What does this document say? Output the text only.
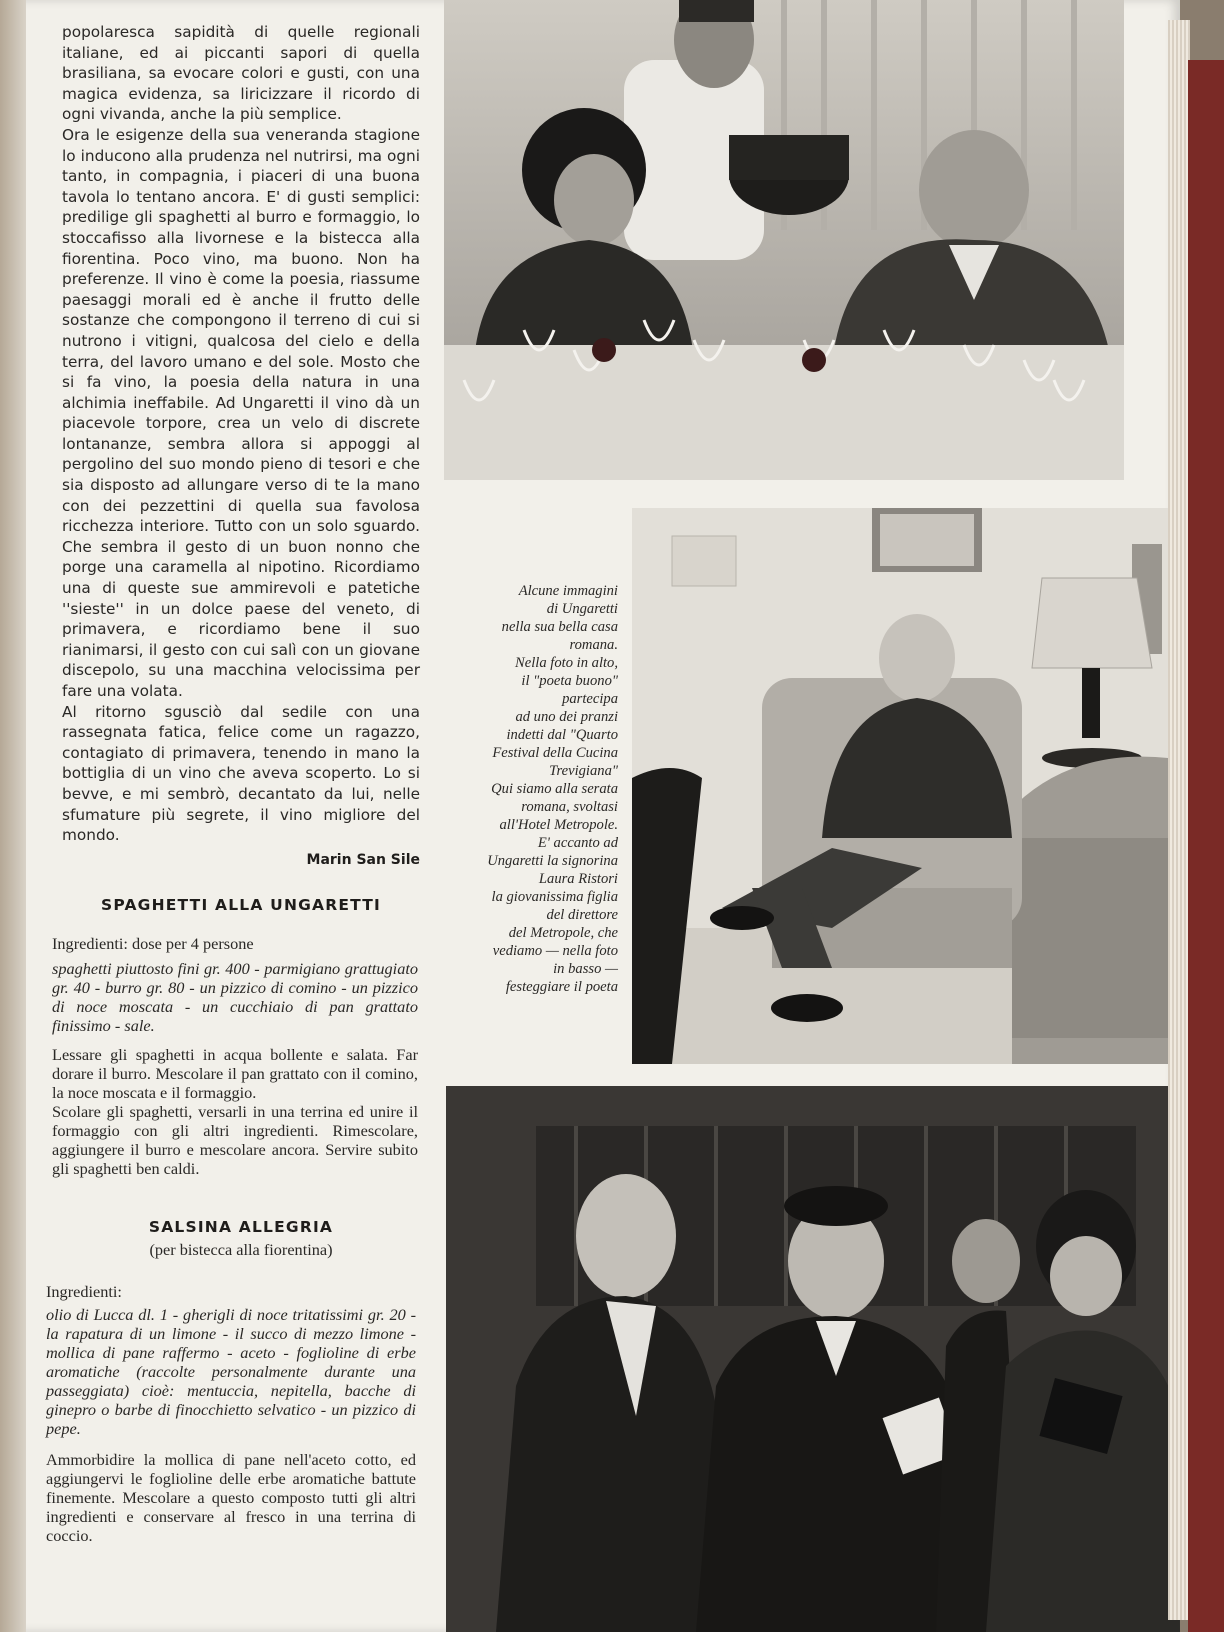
popolaresca sapidità di quelle regionali italiane, ed ai piccanti sapori di quella brasiliana, sa evocare colori e gusti, con una magica evidenza, sa liricizzare il ricordo di ogni vivanda, anche la più semplice.

Ora le esigenze della sua veneranda stagione lo inducono alla prudenza nel nutrirsi, ma ogni tanto, in compagnia, i piaceri di una buona tavola lo tentano ancora. E' di gusti semplici: predilige gli spaghetti al burro e formaggio, lo stoccafisso alla livornese e la bistecca alla fiorentina. Poco vino, ma buono. Non ha preferenze. Il vino è come la poesia, riassume paesaggi morali ed è anche il frutto delle sostanze che compongono il terreno di cui si nutrono i vitigni, qualcosa del cielo e della terra, del lavoro umano e del sole. Mosto che si fa vino, la poesia della natura in una alchimia ineffabile. Ad Ungaretti il vino dà un piacevole torpore, crea un velo di discrete lontananze, sembra allora si appoggi al pergolino del suo mondo pieno di tesori e che sia disposto ad allungare verso di te la mano con dei pezzettini di quella sua favolosa ricchezza interiore. Tutto con un solo sguardo. Che sembra il gesto di un buon nonno che porge una caramella al nipotino. Ricordiamo una di queste sue ammirevoli e patetiche ''sieste'' in un dolce paese del veneto, di primavera, e ricordiamo bene il suo rianimarsi, il gesto con cui salì con un giovane discepolo, su una macchina velocissima per fare una volata.

Al ritorno sgusciò dal sedile con una rassegnata fatica, felice come un ragazzo, contagiato di primavera, tenendo in mano la bottiglia di un vino che aveva scoperto. Lo si bevve, e mi sembrò, decantato da lui, nelle sfumature più segrete, il vino migliore del mondo.

Marin San Sile
SPAGHETTI ALLA UNGARETTI

Ingredienti: dose per 4 persone

spaghetti piuttosto fini gr. 400 - parmigiano grattugiato gr. 40 - burro gr. 80 - un pizzico di comino - un pizzico di noce moscata - un cucchiaio di pan grattato finissimo - sale.

Lessare gli spaghetti in acqua bollente e salata. Far dorare il burro. Mescolare il pan grattato con il comino, la noce moscata e il formaggio.

Scolare gli spaghetti, versarli in una terrina ed unire il formaggio con gli altri ingredienti. Rimescolare, aggiungere il burro e mescolare ancora. Servire subito gli spaghetti ben caldi.

SALSINA ALLEGRIA
(per bistecca alla fiorentina)

Ingredienti:

olio di Lucca dl. 1 - gherigli di noce tritatissimi gr. 20 - la rapatura di un limone - il succo di mezzo limone - mollica di pane raffermo - aceto - foglioline di erbe aromatiche (raccolte personalmente durante una passeggiata) cioè: mentuccia, nepitella, bacche di ginepro o barbe di finocchietto selvatico - un pizzico di pepe.

Ammorbidire la mollica di pane nell'aceto cotto, ed aggiungervi le foglioline delle erbe aromatiche battute finemente. Mescolare a questo composto tutti gli altri ingredienti e conservare al fresco in una terrina di coccio.

Alcune immagini
di Ungaretti
nella sua bella casa
romana.
Nella foto in alto,
il "poeta buono"
partecipa
ad uno dei pranzi
indetti dal "Quarto
Festival della Cucina
Trevigiana"
Qui siamo alla serata
romana, svoltasi
all'Hotel Metropole.
E' accanto ad
Ungaretti la signorina
Laura Ristori
la giovanissima figlia
del direttore
del Metropole, che
vediamo — nella foto
in basso —
festeggiare il poeta
